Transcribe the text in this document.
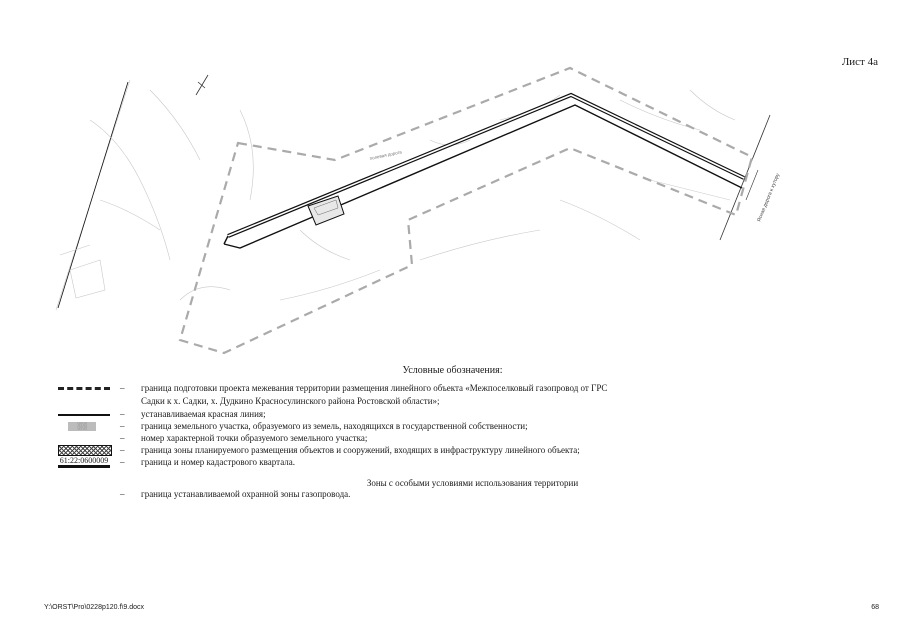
Лист 4а
Ясная дорога к хутору
полевая дорога
Условные обозначения:
– граница подготовки проекта межевания территории размещения линейного объекта «Межпоселковый газопровод от ГРС
Садки к х. Садки, х. Дудкино Красносулинского района Ростовской области»;
– устанавливаемая красная линия;
░░	– граница земельного участка, образуемого из земель, находящихся в государственной собственности;
– номер характерной точки образуемого земельного участка;
– граница зоны планируемого размещения объектов и сооружений, входящих в инфраструктуру линейного объекта;
61:22:0600009 – граница и номер кадастрового квартала.
Зоны с особыми условиями использования территории
– граница устанавливаемой охранной зоны газопровода.
Y:\ORST\Pro\0228p120.f\9.docx	68
